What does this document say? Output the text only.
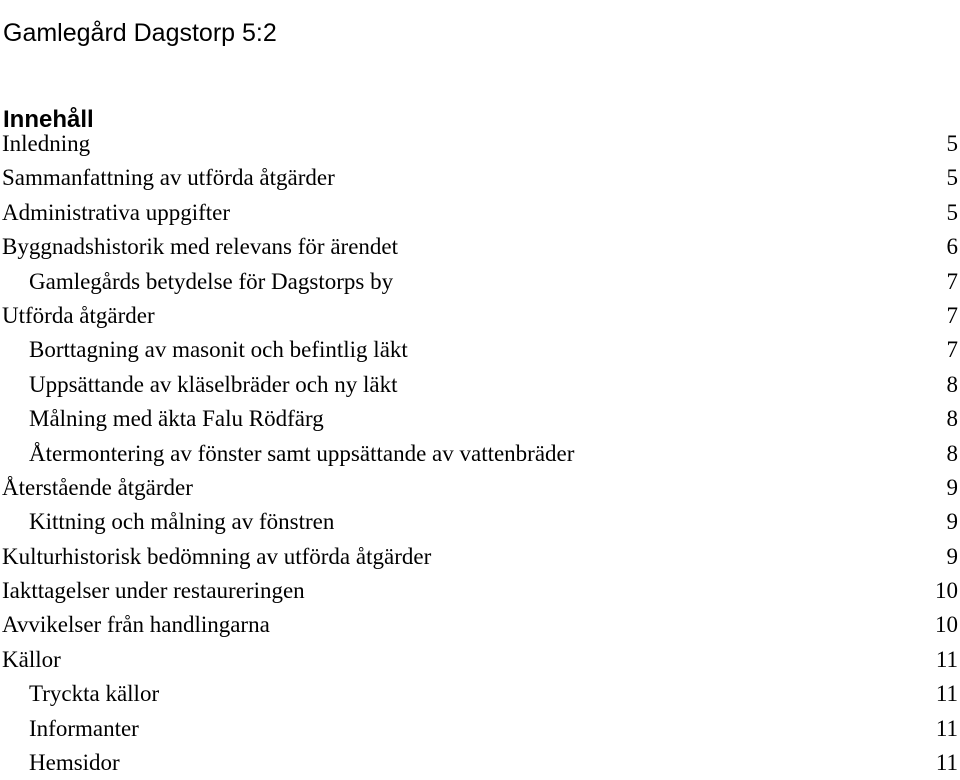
Gamlegård Dagstorp 5:2
Innehåll
Inledning	5
Sammanfattning av utförda åtgärder	5
Administrativa uppgifter	5
Byggnadshistorik med relevans för ärendet	6
Gamlegårds betydelse för Dagstorps by	7
Utförda åtgärder	7
Borttagning av masonit och befintlig läkt	7
Uppsättande av kläselbräder och ny läkt	8
Målning med äkta Falu Rödfärg	8
Återmontering av fönster samt uppsättande av vattenbräder	8
Återstående åtgärder	9
Kittning och målning av fönstren	9
Kulturhistorisk bedömning av utförda åtgärder	9
Iakttagelser under restaureringen	10
Avvikelser från handlingarna	10
Källor	11
Tryckta källor	11
Informanter	11
Hemsidor	11
